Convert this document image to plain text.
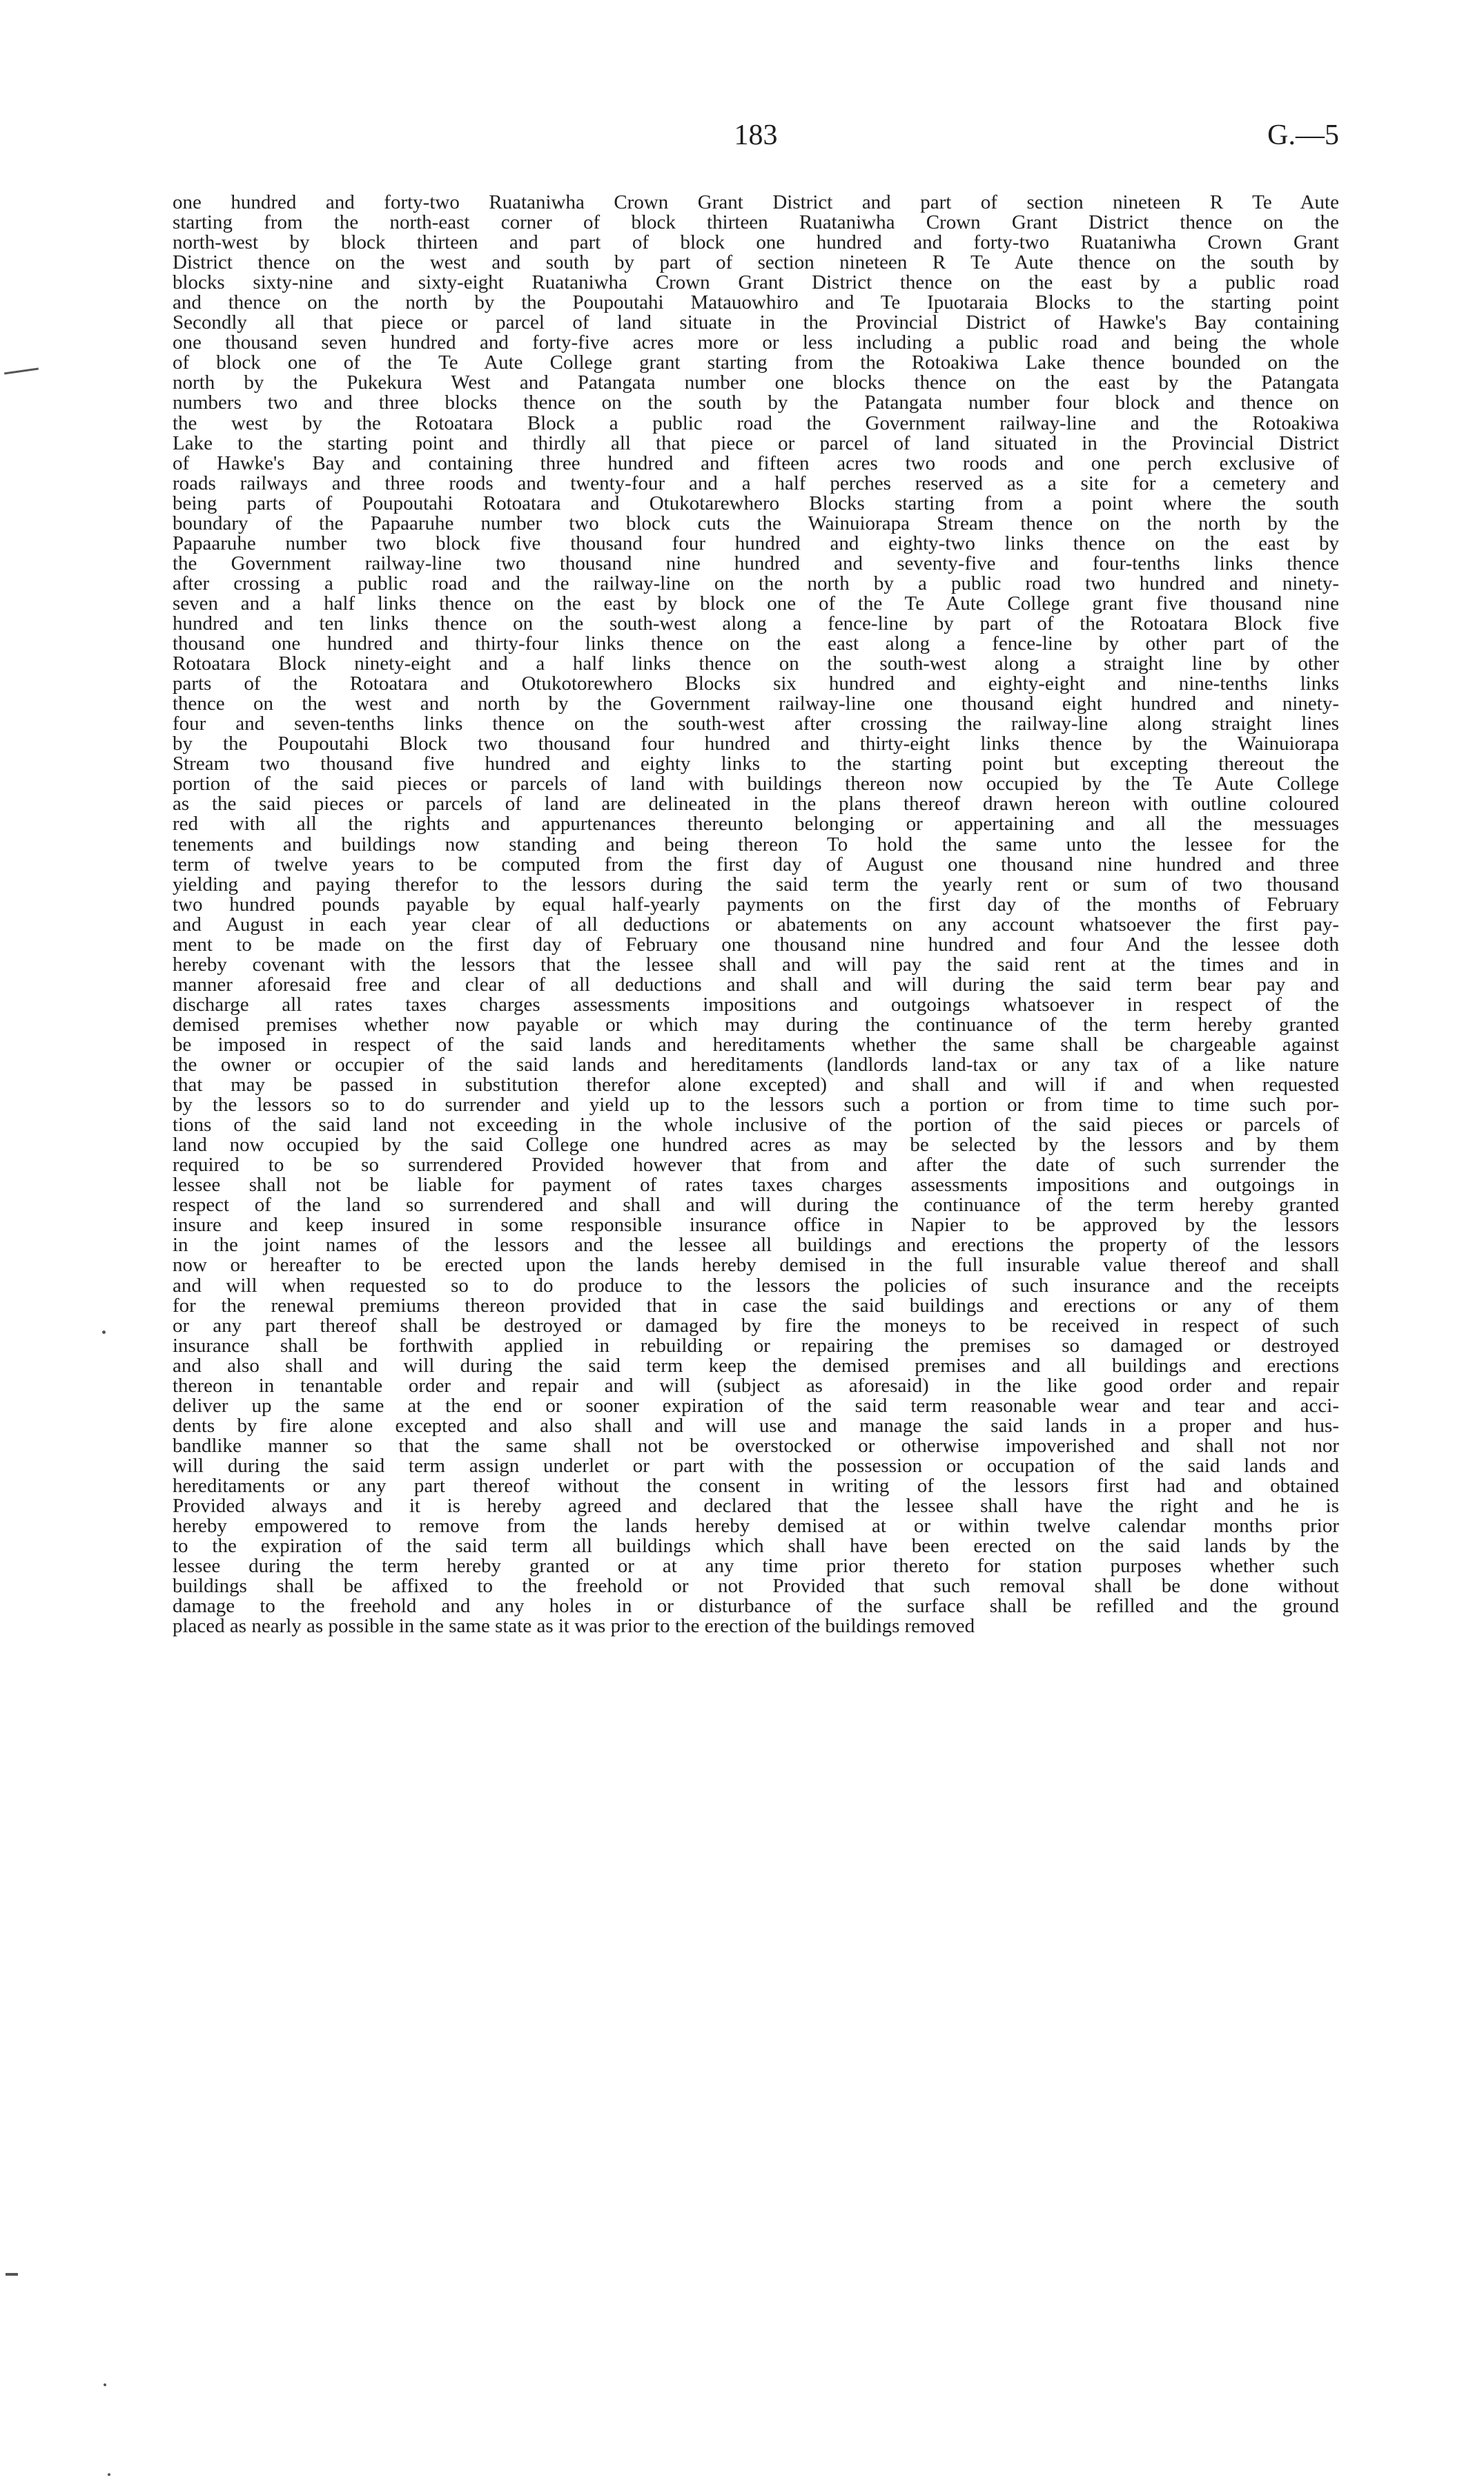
183	G.—5
one hundred and forty-two Ruataniwha Crown Grant District and part of section nineteen R Te Aute
starting from the north-east corner of block thirteen Ruataniwha Crown Grant District thence on the
north-west by block thirteen and part of block one hundred and forty-two Ruataniwha Crown Grant
District thence on the west and south by part of section nineteen R Te Aute thence on the south by
blocks sixty-nine and sixty-eight Ruataniwha Crown Grant District thence on the east by a public road
and thence on the north by the Poupoutahi Matauowhiro and Te Ipuotaraia Blocks to the starting point
Secondly all that piece or parcel of land situate in the Provincial District of Hawke's Bay containing
one thousand seven hundred and forty-five acres more or less including a public road and being the whole
of block one of the Te Aute College grant starting from the Rotoakiwa Lake thence bounded on the
north by the Pukekura West and Patangata number one blocks thence on the east by the Patangata
numbers two and three blocks thence on the south by the Patangata number four block and thence on
the west by the Rotoatara Block a public road the Government railway-line and the Rotoakiwa
Lake to the starting point and thirdly all that piece or parcel of land situated in the Provincial District
of Hawke's Bay and containing three hundred and fifteen acres two roods and one perch exclusive of
roads railways and three roods and twenty-four and a half perches reserved as a site for a cemetery and
being parts of Poupoutahi Rotoatara and Otukotarewhero Blocks starting from a point where the south
boundary of the Papaaruhe number two block cuts the Wainuiorapa Stream thence on the north by the
Papaaruhe number two block five thousand four hundred and eighty-two links thence on the east by
the Government railway-line two thousand nine hundred and seventy-five and four-tenths links thence
after crossing a public road and the railway-line on the north by a public road two hundred and ninety-
seven and a half links thence on the east by block one of the Te Aute College grant five thousand nine
hundred and ten links thence on the south-west along a fence-line by part of the Rotoatara Block five
thousand one hundred and thirty-four links thence on the east along a fence-line by other part of the
Rotoatara Block ninety-eight and a half links thence on the south-west along a straight line by other
parts of the Rotoatara and Otukotorewhero Blocks six hundred and eighty-eight and nine-tenths links
thence on the west and north by the Government railway-line one thousand eight hundred and ninety-
four and seven-tenths links thence on the south-west after crossing the railway-line along straight lines
by the Poupoutahi Block two thousand four hundred and thirty-eight links thence by the Wainuiorapa
Stream two thousand five hundred and eighty links to the starting point but excepting thereout the
portion of the said pieces or parcels of land with buildings thereon now occupied by the Te Aute College
as the said pieces or parcels of land are delineated in the plans thereof drawn hereon with outline coloured
red with all the rights and appurtenances thereunto belonging or appertaining and all the messuages
tenements and buildings now standing and being thereon To hold the same unto the lessee for the
term of twelve years to be computed from the first day of August one thousand nine hundred and three
yielding and paying therefor to the lessors during the said term the yearly rent or sum of two thousand
two hundred pounds payable by equal half-yearly payments on the first day of the months of February
and August in each year clear of all deductions or abatements on any account whatsoever the first pay-
ment to be made on the first day of February one thousand nine hundred and four And the lessee doth
hereby covenant with the lessors that the lessee shall and will pay the said rent at the times and in
manner aforesaid free and clear of all deductions and shall and will during the said term bear pay and
discharge all rates taxes charges assessments impositions and outgoings whatsoever in respect of the
demised premises whether now payable or which may during the continuance of the term hereby granted
be imposed in respect of the said lands and hereditaments whether the same shall be chargeable against
the owner or occupier of the said lands and hereditaments (landlords land-tax or any tax of a like nature
that may be passed in substitution therefor alone excepted) and shall and will if and when requested
by the lessors so to do surrender and yield up to the lessors such a portion or from time to time such por-
tions of the said land not exceeding in the whole inclusive of the portion of the said pieces or parcels of
land now occupied by the said College one hundred acres as may be selected by the lessors and by them
required to be so surrendered Provided however that from and after the date of such surrender the
lessee shall not be liable for payment of rates taxes charges assessments impositions and outgoings in
respect of the land so surrendered and shall and will during the continuance of the term hereby granted
insure and keep insured in some responsible insurance office in Napier to be approved by the lessors
in the joint names of the lessors and the lessee all buildings and erections the property of the lessors
now or hereafter to be erected upon the lands hereby demised in the full insurable value thereof and shall
and will when requested so to do produce to the lessors the policies of such insurance and the receipts
for the renewal premiums thereon provided that in case the said buildings and erections or any of them
or any part thereof shall be destroyed or damaged by fire the moneys to be received in respect of such
insurance shall be forthwith applied in rebuilding or repairing the premises so damaged or destroyed
and also shall and will during the said term keep the demised premises and all buildings and erections
thereon in tenantable order and repair and will (subject as aforesaid) in the like good order and repair
deliver up the same at the end or sooner expiration of the said term reasonable wear and tear and acci-
dents by fire alone excepted and also shall and will use and manage the said lands in a proper and hus-
bandlike manner so that the same shall not be overstocked or otherwise impoverished and shall not nor
will during the said term assign underlet or part with the possession or occupation of the said lands and
hereditaments or any part thereof without the consent in writing of the lessors first had and obtained
Provided always and it is hereby agreed and declared that the lessee shall have the right and he is
hereby empowered to remove from the lands hereby demised at or within twelve calendar months prior
to the expiration of the said term all buildings which shall have been erected on the said lands by the
lessee during the term hereby granted or at any time prior thereto for station purposes whether such
buildings shall be affixed to the freehold or not Provided that such removal shall be done without
damage to the freehold and any holes in or disturbance of the surface shall be refilled and the ground
placed as nearly as possible in the same state as it was prior to the erection of the buildings removed
